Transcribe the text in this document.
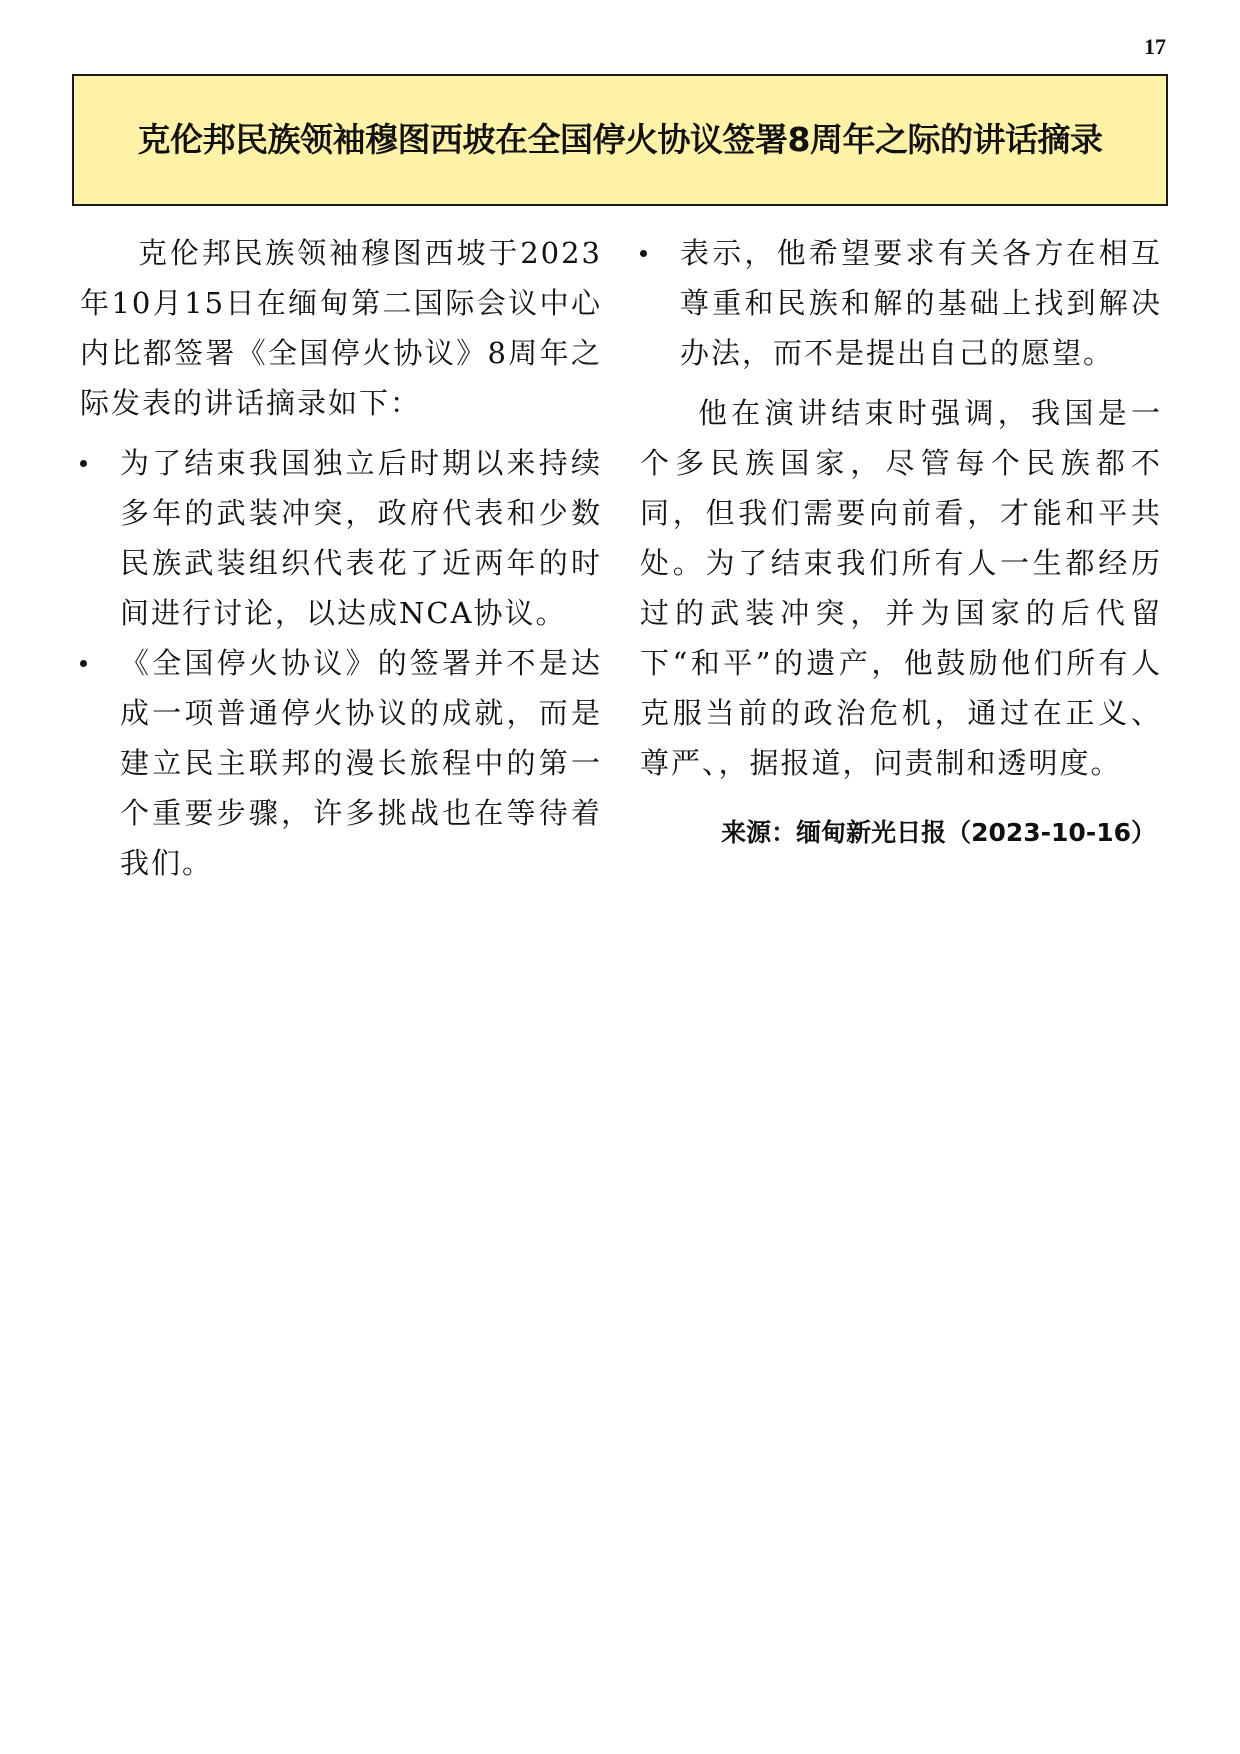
17
克伦邦民族领袖穆图西坡在全国停火协议签署8周年之际的讲话摘录

克伦邦民族领袖穆图西坡于2023年10月15日在缅甸第二国际会议中心内比都签署《全国停火协议》8周年之际发表的讲话摘录如下：

为了结束我国独立后时期以来持续多年的武装冲突，政府代表和少数民族武装组织代表花了近两年的时间进行讨论，以达成NCA协议。
《全国停火协议》的签署并不是达成一项普通停火协议的成就，而是建立民主联邦的漫长旅程中的第一个重要步骤，许多挑战也在等待着我们。
表示，他希望要求有关各方在相互尊重和民族和解的基础上找到解决办法，而不是提出自己的愿望。

他在演讲结束时强调，我国是一个多民族国家，尽管每个民族都不同，但我们需要向前看，才能和平共处。为了结束我们所有人一生都经历过的武装冲突，并为国家的后代留下“和平”的遗产，他鼓励他们所有人克服当前的政治危机，通过在正义、尊严、，据报道，问责制和透明度。

来源：缅甸新光日报（2023-10-16）
